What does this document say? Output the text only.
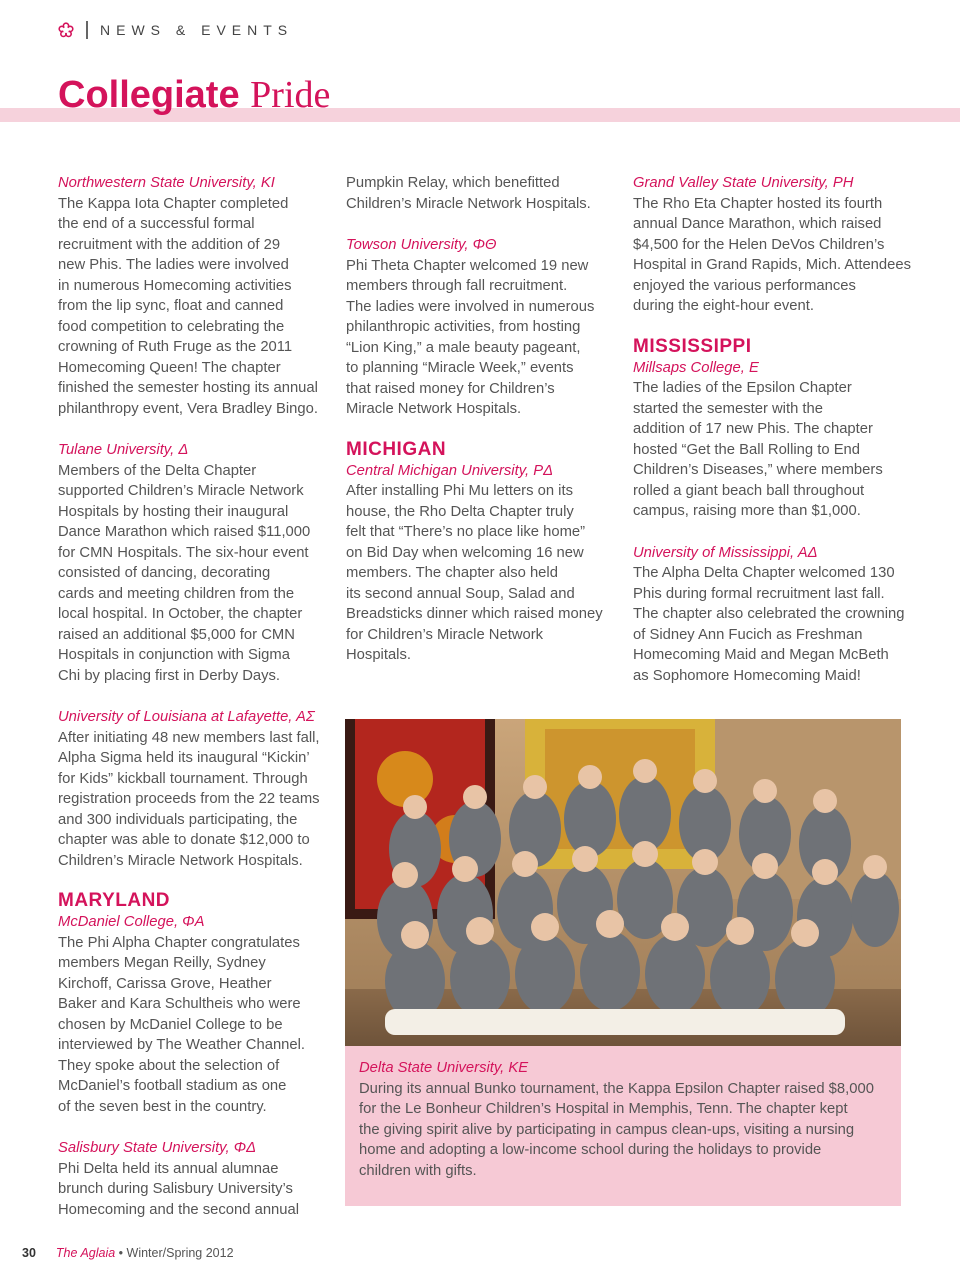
NEWS & EVENTS
Collegiate Pride

Northwestern State University, KI

The Kappa Iota Chapter completed
the end of a successful formal
recruitment with the addition of 29
new Phis. The ladies were involved
in numerous Homecoming activities
from the lip sync, float and canned
food competition to celebrating the
crowning of Ruth Fruge as the 2011
Homecoming Queen! The chapter
finished the semester hosting its annual
philanthropy event, Vera Bradley Bingo.

Tulane University, Δ

Members of the Delta Chapter
supported Children’s Miracle Network
Hospitals by hosting their inaugural
Dance Marathon which raised $11,000
for CMN Hospitals. The six-hour event
consisted of dancing, decorating
cards and meeting children from the
local hospital. In October, the chapter
raised an additional $5,000 for CMN
Hospitals in conjunction with Sigma
Chi by placing first in Derby Days.

University of Louisiana at Lafayette, AΣ

After initiating 48 new members last fall,
Alpha Sigma held its inaugural “Kickin’
for Kids” kickball tournament. Through
registration proceeds from the 22 teams
and 300 individuals participating, the
chapter was able to donate $12,000 to
Children’s Miracle Network Hospitals.

MARYLAND

McDaniel College, ΦA

The Phi Alpha Chapter congratulates
members Megan Reilly, Sydney
Kirchoff, Carissa Grove, Heather
Baker and Kara Schultheis who were
chosen by McDaniel College to be
interviewed by The Weather Channel.
They spoke about the selection of
McDaniel’s football stadium as one
of the seven best in the country.

Salisbury State University, ΦΔ

Phi Delta held its annual alumnae
brunch during Salisbury University’s
Homecoming and the second annual

Pumpkin Relay, which benefitted
Children’s Miracle Network Hospitals.

Towson University, ΦΘ

Phi Theta Chapter welcomed 19 new
members through fall recruitment.
The ladies were involved in numerous
philanthropic activities, from hosting
“Lion King,” a male beauty pageant,
to planning “Miracle Week,” events
that raised money for Children’s
Miracle Network Hospitals.

MICHIGAN

Central Michigan University, PΔ

After installing Phi Mu letters on its
house, the Rho Delta Chapter truly
felt that “There’s no place like home”
on Bid Day when welcoming 16 new
members. The chapter also held
its second annual Soup, Salad and
Breadsticks dinner which raised money
for Children’s Miracle Network Hospitals.

Grand Valley State University, PH

The Rho Eta Chapter hosted its fourth
annual Dance Marathon, which raised
$4,500 for the Helen DeVos Children’s
Hospital in Grand Rapids, Mich. Attendees
enjoyed the various performances
during the eight-hour event.

MISSISSIPPI

Millsaps College, E

The ladies of the Epsilon Chapter
started the semester with the
addition of 17 new Phis. The chapter
hosted “Get the Ball Rolling to End
Children’s Diseases,” where members
rolled a giant beach ball throughout
campus, raising more than $1,000.

University of Mississippi, AΔ

The Alpha Delta Chapter welcomed 130
Phis during formal recruitment last fall.
The chapter also celebrated the crowning
of Sidney Ann Fucich as Freshman
Homecoming Maid and Megan McBeth
as Sophomore Homecoming Maid!

Delta State University, KE
During its annual Bunko tournament, the Kappa Epsilon Chapter raised $8,000
for the Le Bonheur Children’s Hospital in Memphis, Tenn. The chapter kept
the giving spirit alive by participating in campus clean-ups, visiting a nursing
home and adopting a low-income school during the holidays to provide
children with gifts.
30 The Aglaia • Winter/Spring 2012
